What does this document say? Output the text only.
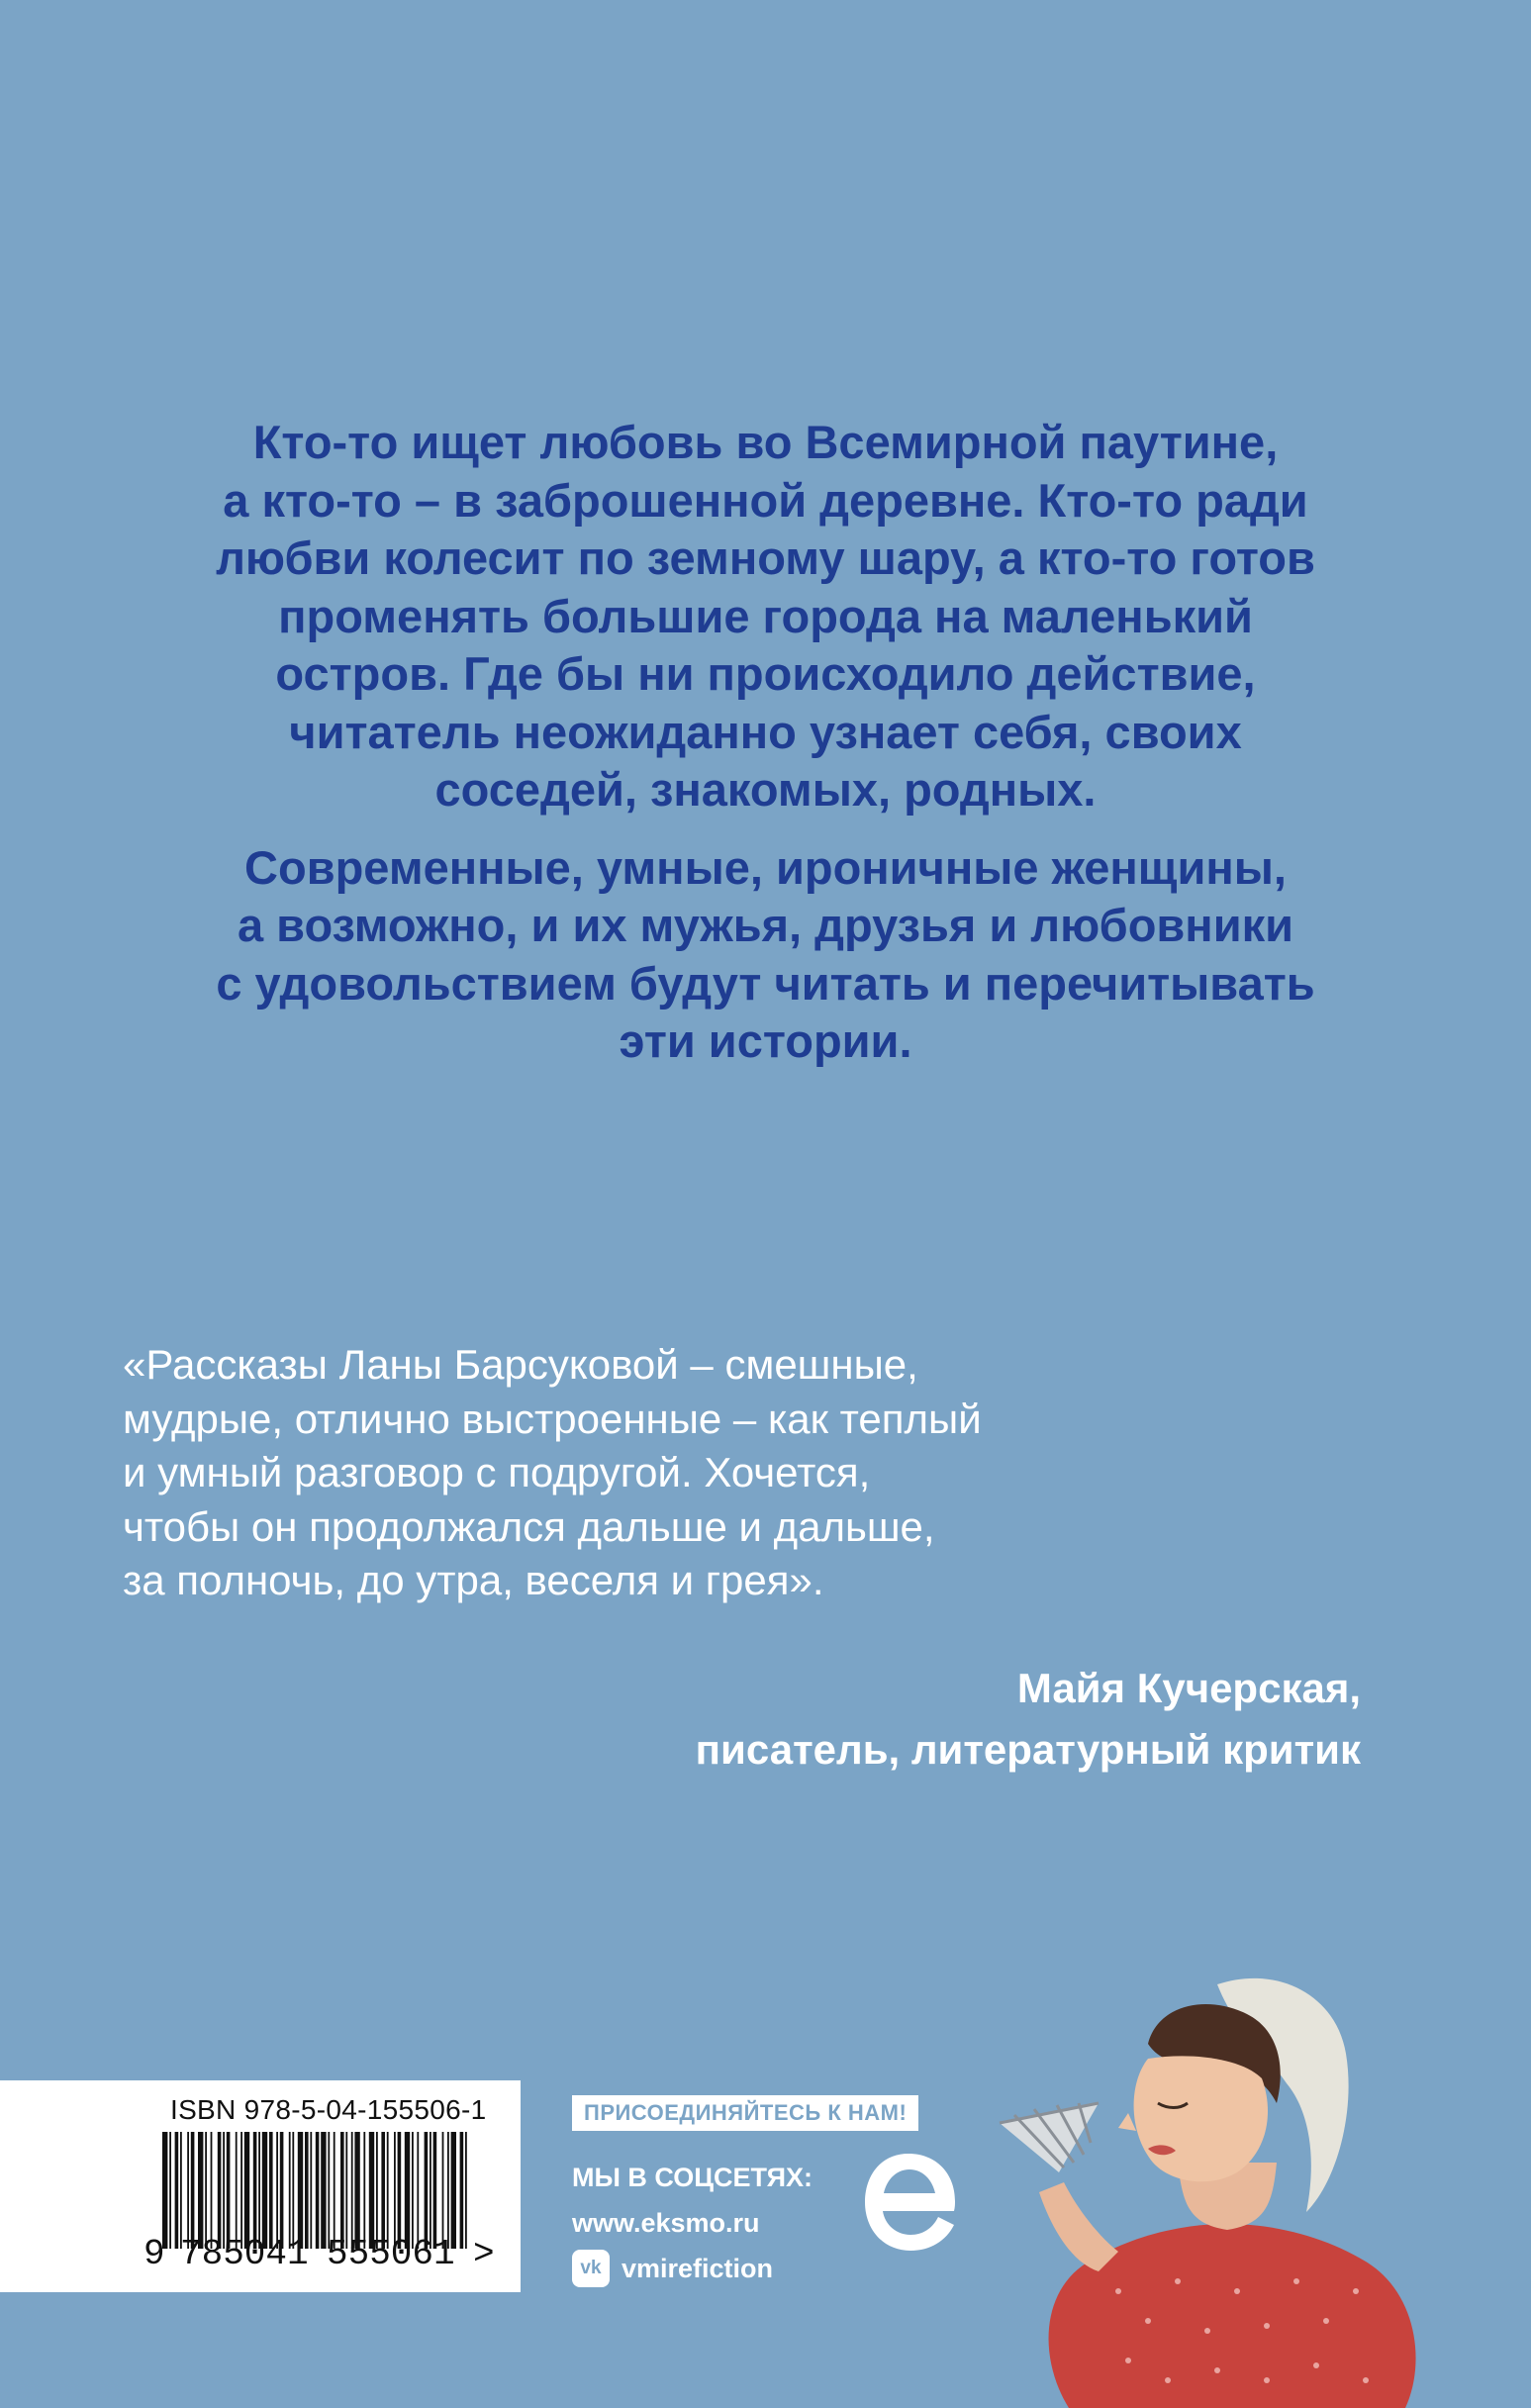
Кто-то ищет любовь во Всемирной паутине,
а кто-то – в заброшенной деревне. Кто-то ради
любви колесит по земному шару, а кто-то готов
променять большие города на маленький
остров. Где бы ни происходило действие,
читатель неожиданно узнает себя, своих
соседей, знакомых, родных.

Современные, умные, ироничные женщины,
а возможно, и их мужья, друзья и любовники
с удовольствием будут читать и перечитывать
эти истории.

«Рассказы Ланы Барсуковой – смешные,
мудрые, отлично выстроенные – как теплый
и умный разговор с подругой. Хочется,
чтобы он продолжался дальше и дальше,
за полночь, до утра, веселя и грея».
Майя Кучерская,
писатель, литературный критик
ISBN 978-5-04-155506-1
9 785041 555061 >
ПРИСОЕДИНЯЙТЕСЬ К НАМ!
МЫ В СОЦСЕТЯХ:
www.eksmo.ru
vk vmirefiction
